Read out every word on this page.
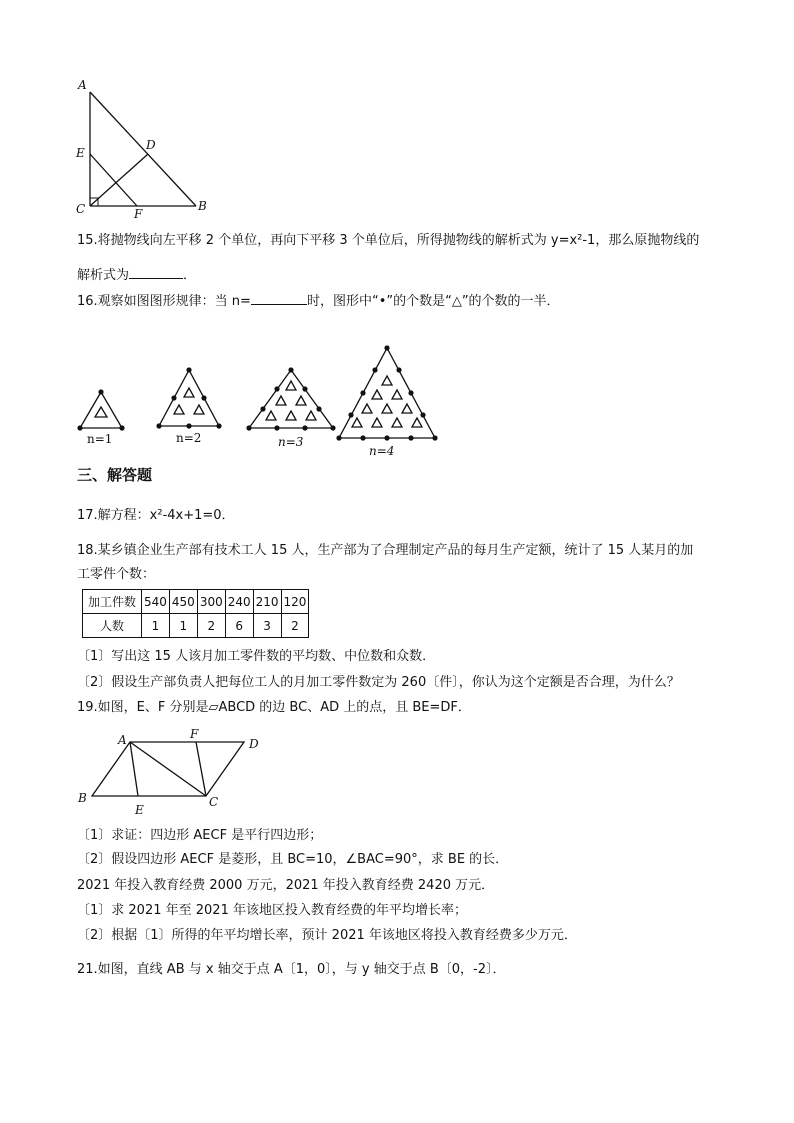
A
E
D
C	F
B
15.将抛物线向左平移 2 个单位，再向下平移 3 个单位后，所得抛物线的解析式为 y=x²-1，那么原抛物线的
解析式为	．
16.观察如图图形规律：当 n=	时，图形中“•”的个数是“△”的个数的一半．
n=1	n=2	n=3
n=4
三、解答题
17.解方程：x²-4x+1=0．
18.某乡镇企业生产部有技术工人 15 人，生产部为了合理制定产品的每月生产定额，统计了 15 人某月的加
工零件个数：
加工件数	540	450	300	240	210	120
人数	1	1	2	6	3	2
〔1〕写出这 15 人该月加工零件数的平均数、中位数和众数．
〔2〕假设生产部负责人把每位工人的月加工零件数定为 260〔件〕，你认为这个定额是否合理，为什么？
19.如图，E、F 分别是▱ABCD 的边 BC、AD 上的点，且 BE=DF．
A	F
D
B
E
C
〔1〕求证：四边形 AECF 是平行四边形；
〔2〕假设四边形 AECF 是菱形，且 BC=10，∠BAC=90°，求 BE 的长．
2021 年投入教育经费 2000 万元，2021 年投入教育经费 2420 万元．
〔1〕求 2021 年至 2021 年该地区投入教育经费的年平均增长率；
〔2〕根据〔1〕所得的年平均增长率，预计 2021 年该地区将投入教育经费多少万元．
21.如图，直线 AB 与 x 轴交于点 A〔1，0〕，与 y 轴交于点 B〔0，-2〕．
